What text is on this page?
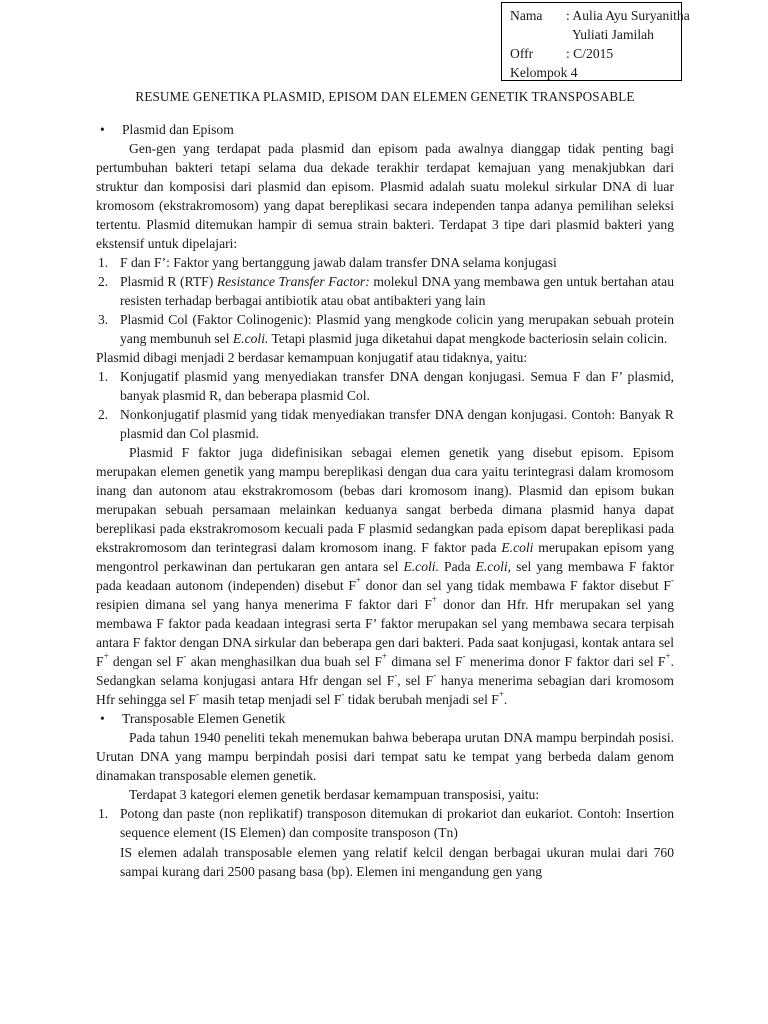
Nama : Aulia Ayu Suryanitha
Yuliati Jamilah
Offr : C/2015
Kelompok 4
RESUME GENETIKA PLASMID, EPISOM DAN ELEMEN GENETIK TRANSPOSABLE

• Plasmid dan Episom

Gen-gen yang terdapat pada plasmid dan episom pada awalnya dianggap tidak penting bagi pertumbuhan bakteri tetapi selama dua dekade terakhir terdapat kemajuan yang menakjubkan dari struktur dan komposisi dari plasmid dan episom. Plasmid adalah suatu molekul sirkular DNA di luar kromosom (ekstrakromosom) yang dapat bereplikasi secara independen tanpa adanya pemilihan seleksi tertentu. Plasmid ditemukan hampir di semua strain bakteri. Terdapat 3 tipe dari plasmid bakteri yang ekstensif untuk dipelajari:

1. F dan F’: Faktor yang bertanggung jawab dalam transfer DNA selama konjugasi

2. Plasmid R (RTF) Resistance Transfer Factor: molekul DNA yang membawa gen untuk bertahan atau resisten terhadap berbagai antibiotik atau obat antibakteri yang lain

3. Plasmid Col (Faktor Colinogenic): Plasmid yang mengkode colicin yang merupakan sebuah protein yang membunuh sel E.coli. Tetapi plasmid juga diketahui dapat mengkode bacteriosin selain colicin.

Plasmid dibagi menjadi 2 berdasar kemampuan konjugatif atau tidaknya, yaitu:

1. Konjugatif plasmid yang menyediakan transfer DNA dengan konjugasi. Semua F dan F’ plasmid, banyak plasmid R, dan beberapa plasmid Col.

2. Nonkonjugatif plasmid yang tidak menyediakan transfer DNA dengan konjugasi. Contoh: Banyak R plasmid dan Col plasmid.

Plasmid F faktor juga didefinisikan sebagai elemen genetik yang disebut episom. Episom merupakan elemen genetik yang mampu bereplikasi dengan dua cara yaitu terintegrasi dalam kromosom inang dan autonom atau ekstrakromosom (bebas dari kromosom inang). Plasmid dan episom bukan merupakan sebuah persamaan melainkan keduanya sangat berbeda dimana plasmid hanya dapat bereplikasi pada ekstrakromosom kecuali pada F plasmid sedangkan pada episom dapat bereplikasi pada ekstrakromosom dan terintegrasi dalam kromosom inang. F faktor pada E.coli merupakan episom yang mengontrol perkawinan dan pertukaran gen antara sel E.coli. Pada E.coli, sel yang membawa F faktor pada keadaan autonom (independen) disebut F+ donor dan sel yang tidak membawa F faktor disebut F- resipien dimana sel yang hanya menerima F faktor dari F+ donor dan Hfr. Hfr merupakan sel yang membawa F faktor pada keadaan integrasi serta F’ faktor merupakan sel yang membawa secara terpisah antara F faktor dengan DNA sirkular dan beberapa gen dari bakteri. Pada saat konjugasi, kontak antara sel F+ dengan sel F- akan menghasilkan dua buah sel F+ dimana sel F- menerima donor F faktor dari sel F+. Sedangkan selama konjugasi antara Hfr dengan sel F-, sel F- hanya menerima sebagian dari kromosom Hfr sehingga sel F- masih tetap menjadi sel F- tidak berubah menjadi sel F+.

• Transposable Elemen Genetik

Pada tahun 1940 peneliti tekah menemukan bahwa beberapa urutan DNA mampu berpindah posisi. Urutan DNA yang mampu berpindah posisi dari tempat satu ke tempat yang berbeda dalam genom dinamakan transposable elemen genetik.

Terdapat 3 kategori elemen genetik berdasar kemampuan transposisi, yaitu:

1. Potong dan paste (non replikatif) transposon ditemukan di prokariot dan eukariot. Contoh: Insertion sequence element (IS Elemen) dan composite transposon (Tn)

IS elemen adalah transposable elemen yang relatif kelcil dengan berbagai ukuran mulai dari 760 sampai kurang dari 2500 pasang basa (bp). Elemen ini mengandung gen yang
